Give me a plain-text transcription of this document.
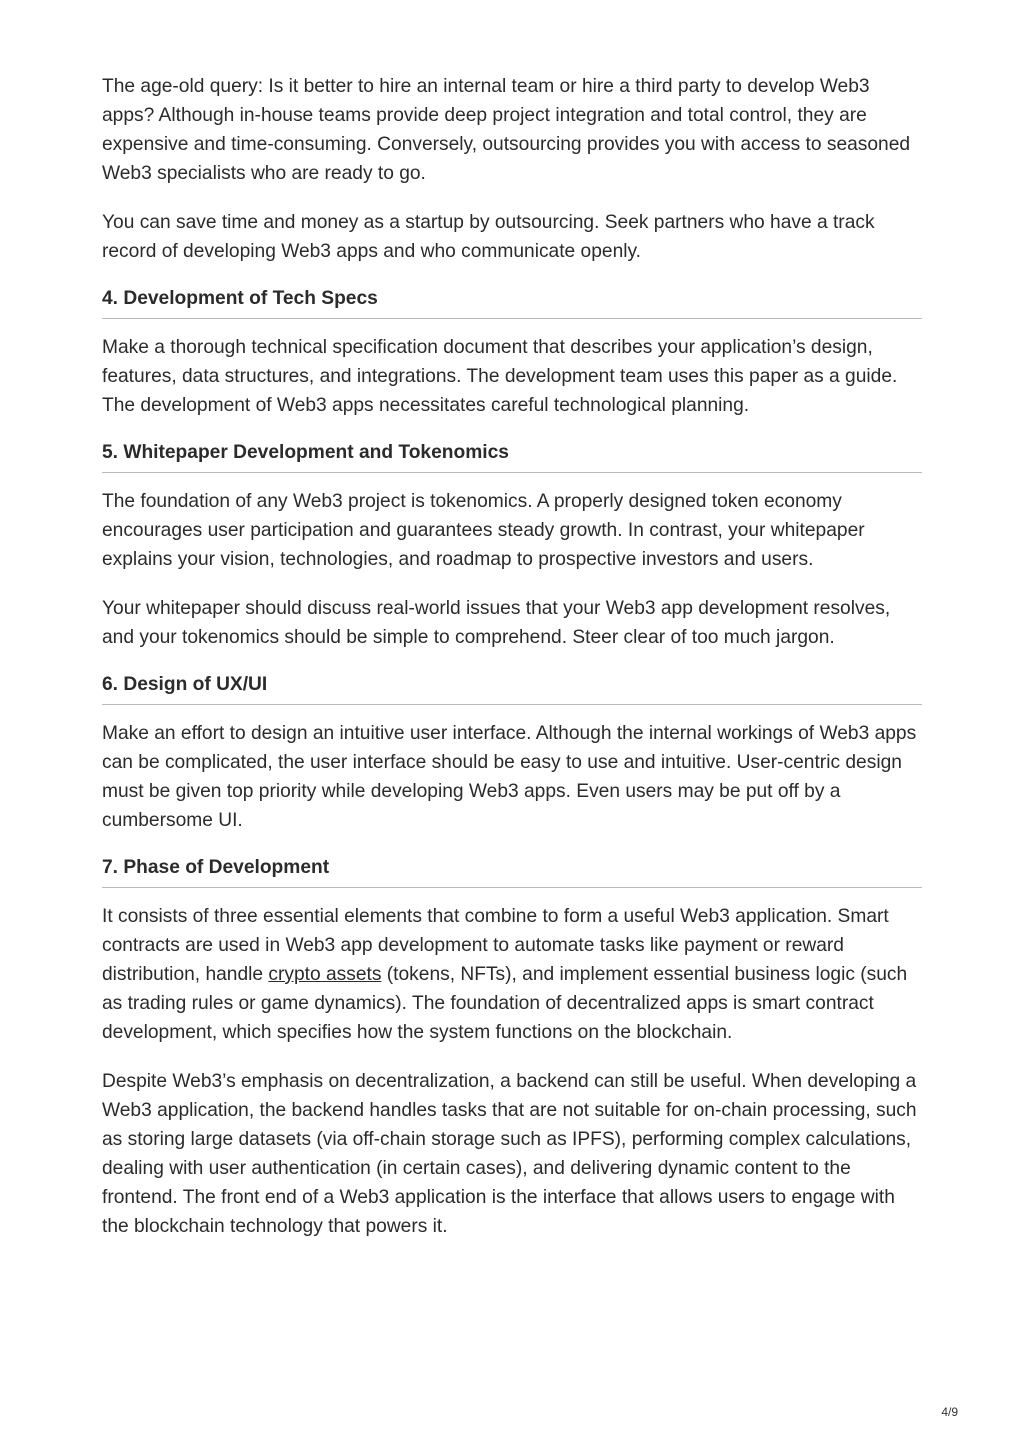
The age-old query: Is it better to hire an internal team or hire a third party to develop Web3 apps? Although in-house teams provide deep project integration and total control, they are expensive and time-consuming. Conversely, outsourcing provides you with access to seasoned Web3 specialists who are ready to go.

You can save time and money as a startup by outsourcing. Seek partners who have a track record of developing Web3 apps and who communicate openly.

4. Development of Tech Specs

Make a thorough technical specification document that describes your application’s design, features, data structures, and integrations. The development team uses this paper as a guide. The development of Web3 apps necessitates careful technological planning.

5. Whitepaper Development and Tokenomics

The foundation of any Web3 project is tokenomics. A properly designed token economy encourages user participation and guarantees steady growth. In contrast, your whitepaper explains your vision, technologies, and roadmap to prospective investors and users.

Your whitepaper should discuss real-world issues that your Web3 app development resolves, and your tokenomics should be simple to comprehend. Steer clear of too much jargon.

6. Design of UX/UI

Make an effort to design an intuitive user interface. Although the internal workings of Web3 apps can be complicated, the user interface should be easy to use and intuitive. User-centric design must be given top priority while developing Web3 apps. Even users may be put off by a cumbersome UI.

7. Phase of Development

It consists of three essential elements that combine to form a useful Web3 application. Smart contracts are used in Web3 app development to automate tasks like payment or reward distribution, handle crypto assets (tokens, NFTs), and implement essential business logic (such as trading rules or game dynamics). The foundation of decentralized apps is smart contract development, which specifies how the system functions on the blockchain.

Despite Web3’s emphasis on decentralization, a backend can still be useful. When developing a Web3 application, the backend handles tasks that are not suitable for on-chain processing, such as storing large datasets (via off-chain storage such as IPFS), performing complex calculations, dealing with user authentication (in certain cases), and delivering dynamic content to the frontend. The front end of a Web3 application is the interface that allows users to engage with the blockchain technology that powers it.

4/9
